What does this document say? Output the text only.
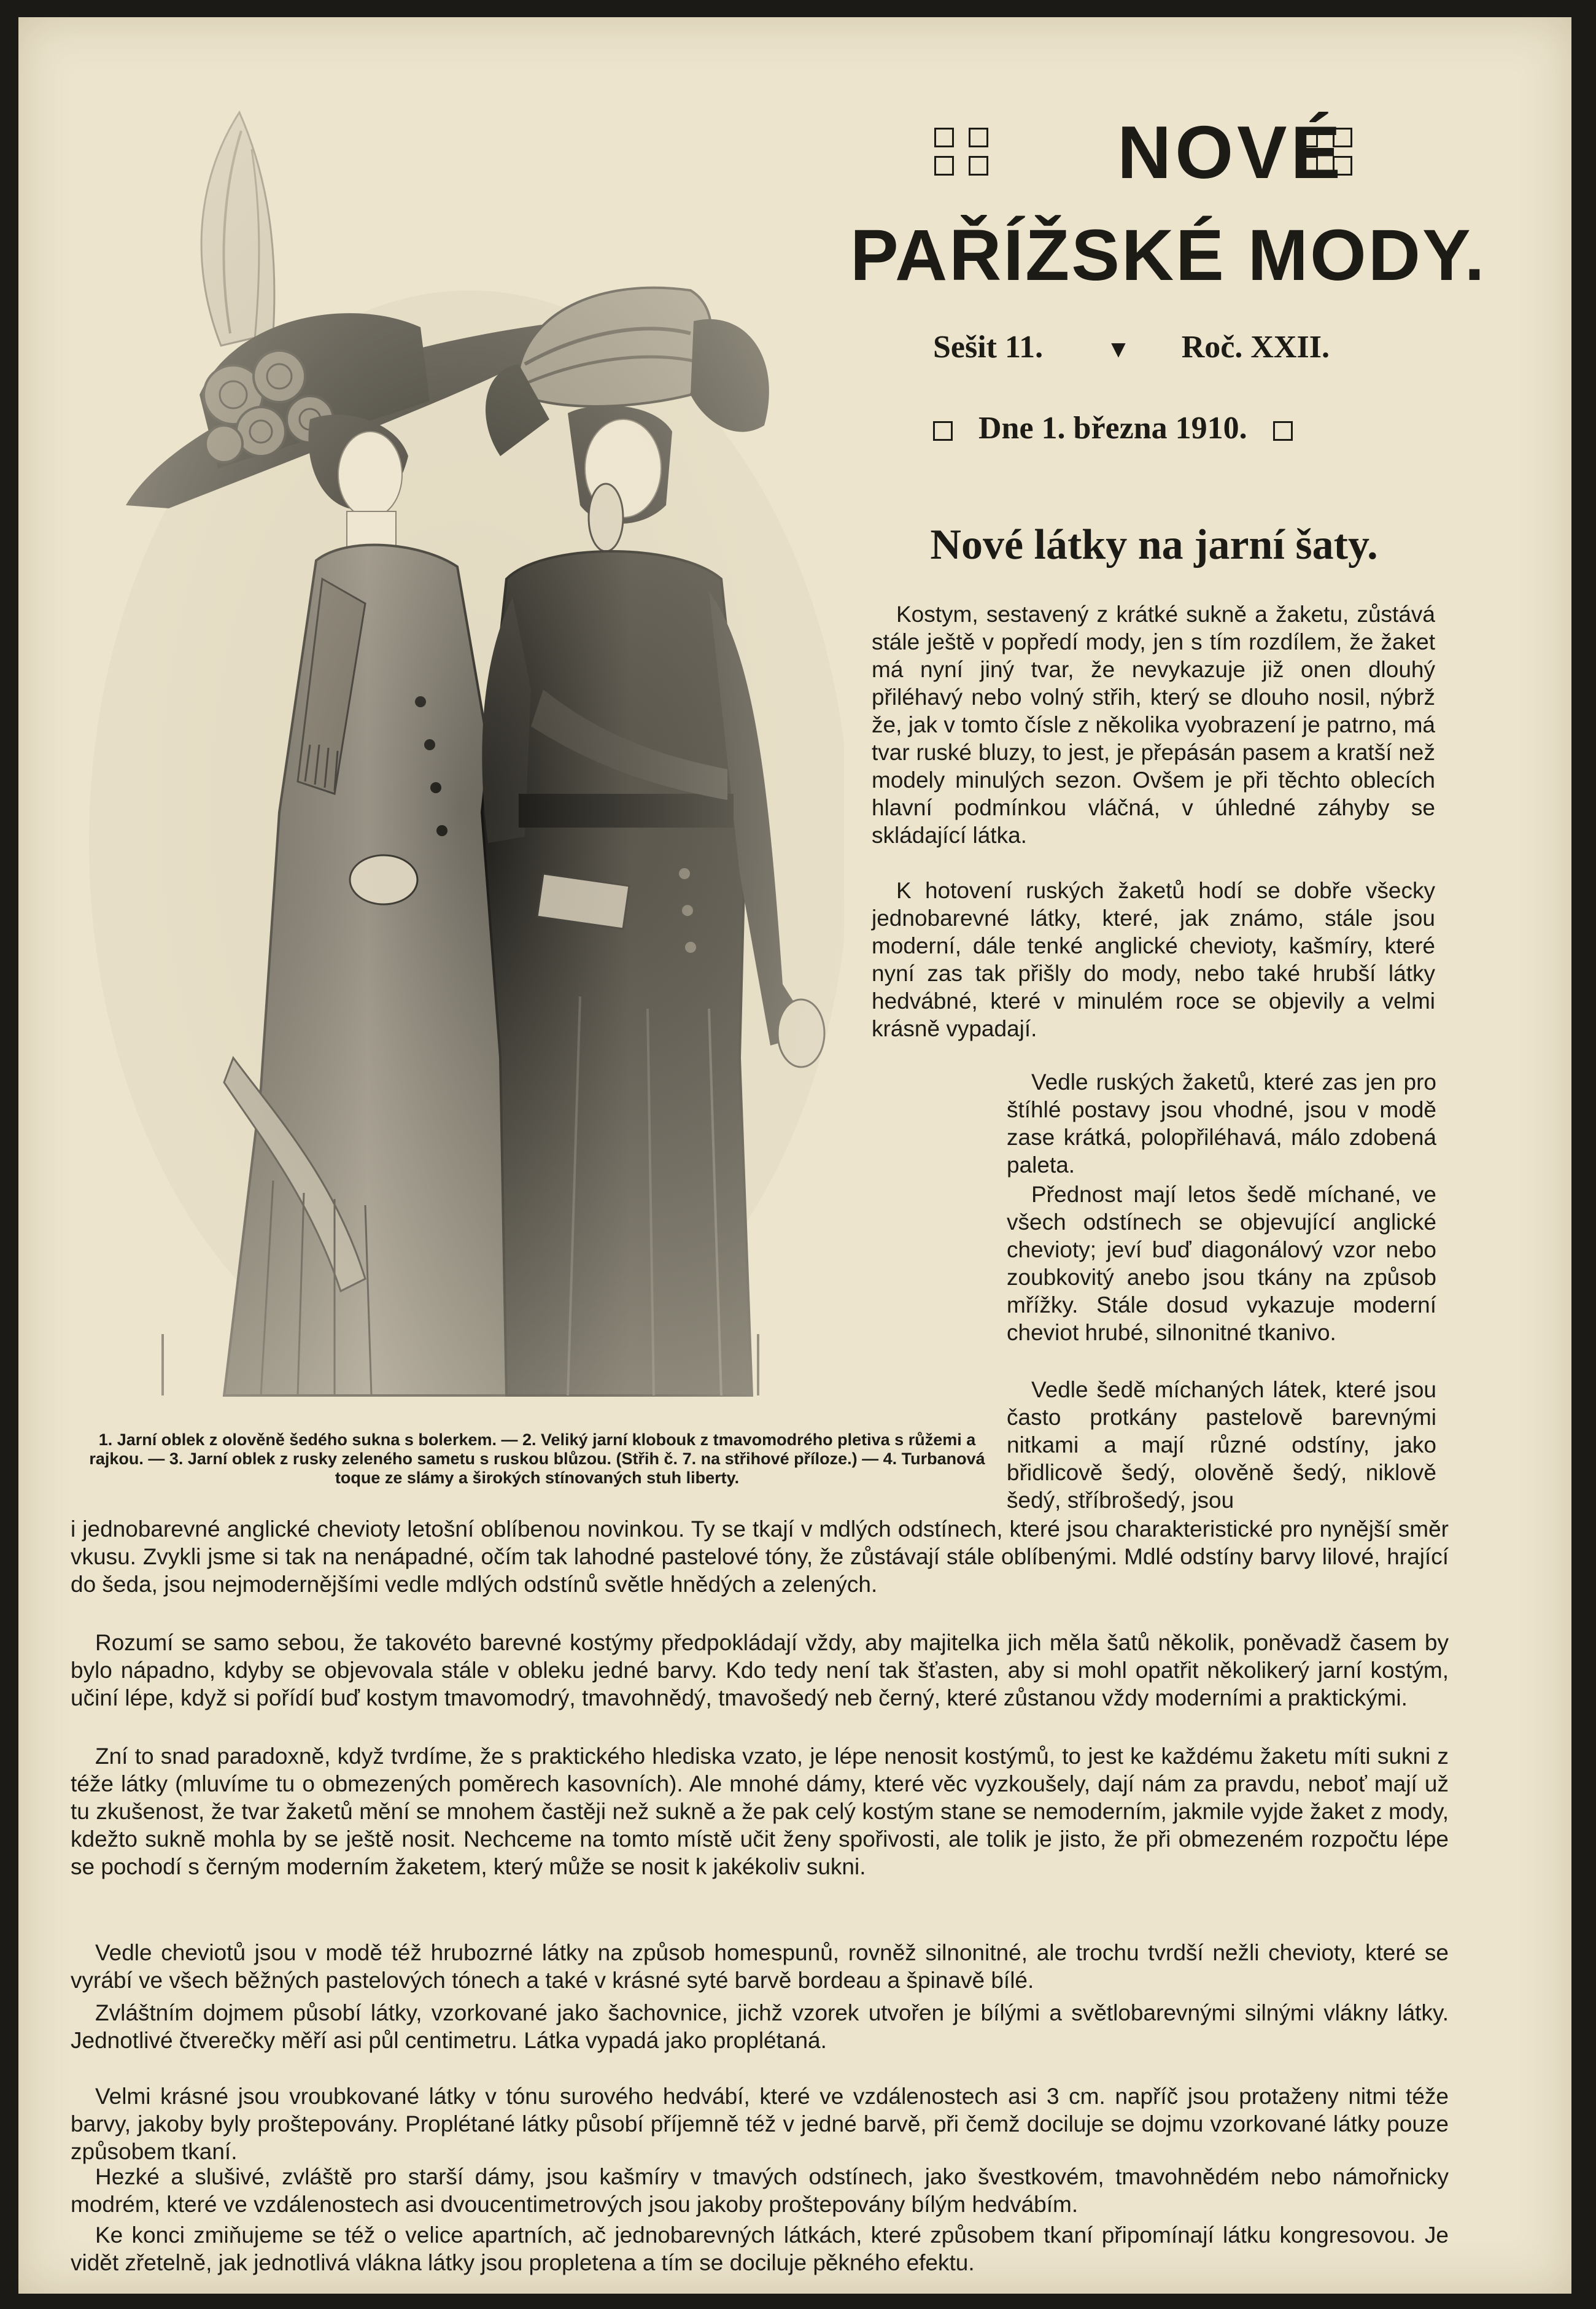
NOVÉ
PAŘÍŽSKÉ MODY.
Sešit 11.	▼ Roč. XXII.
Dne 1. března 1910.

1. Jarní oblek z olověně šedého sukna s bolerkem. — 2. Veliký jarní klobouk z tmavomodrého pletiva s růžemi a rajkou. — 3. Jarní oblek z rusky zeleného sametu s ruskou blůzou. (Střih č. 7. na střihové příloze.) — 4. Turbanová toque ze slámy a širokých stínovaných stuh liberty.

Nové látky na jarní šaty.

Kostym, sestavený z krátké sukně a žaketu, zůstává stále ještě v popředí mody, jen s tím rozdílem, že žaket má nyní jiný tvar, že nevykazuje již onen dlouhý přiléhavý nebo volný střih, který se dlouho nosil, nýbrž že, jak v tomto čísle z několika vyobrazení je patrno, má tvar ruské bluzy, to jest, je přepásán pasem a kratší než modely minulých sezon. Ovšem je při těchto oblecích hlavní podmínkou vláčná, v úhledné záhyby se skládající látka.

K hotovení ruských žaketů hodí se dobře všecky jednobarevné látky, které, jak známo, stále jsou moderní, dále tenké anglické chevioty, kašmíry, které nyní zas tak přišly do mody, nebo také hrubší látky hedvábné, které v minulém roce se objevily a velmi krásně vypadají.

Vedle ruských žaketů, které zas jen pro štíhlé postavy jsou vhodné, jsou v modě zase krátká, polopřiléhavá, málo zdobená paleta.

Přednost mají letos šedě míchané, ve všech odstínech se objevující anglické chevioty; jeví buď diagonálový vzor nebo zoubkovitý anebo jsou tkány na způsob mřížky. Stále dosud vykazuje moderní cheviot hrubé, silnonitné tkanivo.

Vedle šedě míchaných látek, které jsou často protkány pastelově barevnými nitkami a mají různé odstíny, jako břidlicově šedý, olověně šedý, niklově šedý, stříbrošedý, jsou

i jednobarevné anglické chevioty letošní oblíbenou novinkou. Ty se tkají v mdlých odstínech, které jsou charakteristické pro nynější směr vkusu. Zvykli jsme si tak na nenápadné, očím tak lahodné pastelové tóny, že zůstávají stále oblíbenými. Mdlé odstíny barvy lilové, hrající do šeda, jsou nejmodernějšími vedle mdlých odstínů světle hnědých a zelených.

Rozumí se samo sebou, že takovéto barevné kostýmy předpokládají vždy, aby majitelka jich měla šatů několik, poněvadž časem by bylo nápadno, kdyby se objevovala stále v obleku jedné barvy. Kdo tedy není tak šťasten, aby si mohl opatřit několikerý jarní kostým, učiní lépe, když si pořídí buď kostym tmavomodrý, tmavohnědý, tmavošedý neb černý, které zůstanou vždy moderními a praktickými.

Zní to snad paradoxně, když tvrdíme, že s praktického hlediska vzato, je lépe nenosit kostýmů, to jest ke každému žaketu míti sukni z téže látky (mluvíme tu o obmezených poměrech kasovních). Ale mnohé dámy, které věc vyzkoušely, dají nám za pravdu, neboť mají už tu zkušenost, že tvar žaketů mění se mnohem častěji než sukně a že pak celý kostým stane se nemoderním, jakmile vyjde žaket z mody, kdežto sukně mohla by se ještě nosit. Nechceme na tomto místě učit ženy spořivosti, ale tolik je jisto, že při obmezeném rozpočtu lépe se pochodí s černým moderním žaketem, který může se nosit k jakékoliv sukni.

Vedle cheviotů jsou v modě též hrubozrné látky na způsob homespunů, rovněž silnonitné, ale trochu tvrdší nežli chevioty, které se vyrábí ve všech běžných pastelových tónech a také v krásné syté barvě bordeau a špinavě bílé.

Zvláštním dojmem působí látky, vzorkované jako šachovnice, jichž vzorek utvořen je bílými a světlobarevnými silnými vlákny látky. Jednotlivé čtverečky měří asi půl centimetru. Látka vypadá jako proplétaná.

Velmi krásné jsou vroubkované látky v tónu surového hedvábí, které ve vzdálenostech asi 3 cm. napříč jsou protaženy nitmi téže barvy, jakoby byly proštepovány. Proplétané látky působí příjemně též v jedné barvě, při čemž dociluje se dojmu vzorkované látky pouze způsobem tkaní.

Hezké a slušivé, zvláště pro starší dámy, jsou kašmíry v tmavých odstínech, jako švestkovém, tmavohnědém nebo námořnicky modrém, které ve vzdálenostech asi dvoucentimetrových jsou jakoby proštepovány bílým hedvábím.

Ke konci zmiňujeme se též o velice apartních, ač jednobarevných látkách, které způsobem tkaní připomínají látku kongresovou. Je vidět zřetelně, jak jednotlivá vlákna látky jsou propletena a tím se dociluje pěkného efektu.
